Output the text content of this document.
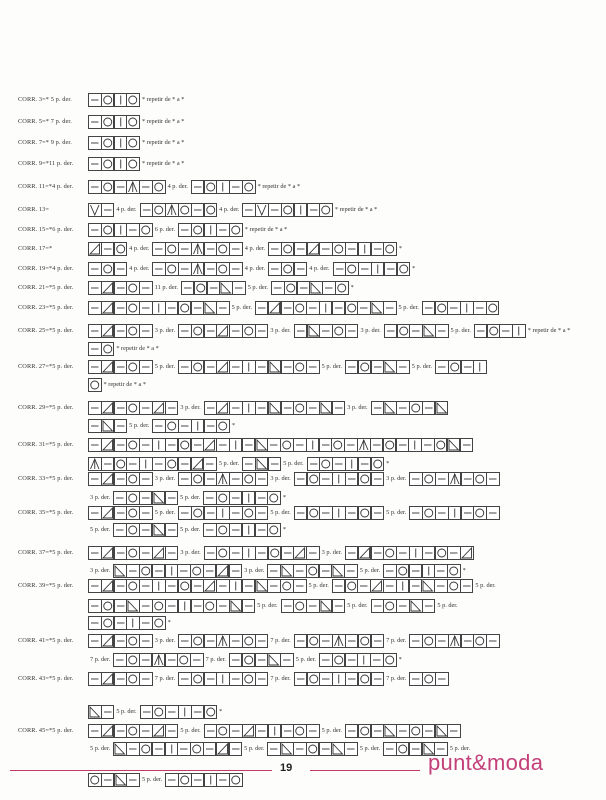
CORR. 3=* 5 p. der.	* repetir de * a *
CORR. 5=* 7 p. der.	* repetir de * a *
CORR. 7=* 9 p. der.	* repetir de * a *
CORR. 9=*11 p. der.	* repetir de * a *
CORR. 11=*4 p. der.	4 p. der.	* repetir de * a *
CORR. 13=	4 p. der.	4 p. der.	* repetir de * a *
CORR. 15=*6 p. der.	6 p. der.	* repetir de * a *
CORR. 17=*	4 p. der.	4 p. der.	*
CORR. 19=*4 p. der.	4 p. der.	4 p. der.	4 p. der.	*
CORR. 21=*5 p. der.	11 p. der.	5 p. der.	*
CORR. 23=*5 p. der.	5 p. der.	5 p. der.
CORR. 25=*5 p. der.	3 p. der.	3 p. der.	3 p. der.	5 p. der.	* repetir de * a *
* repetir de * a *
CORR. 27=*5 p. der.	5 p. der.	5 p. der.	5 p. der.
* repetir de * a *
CORR. 29=*5 p. der.	3 p. der.	3 p. der.
5 p. der.	*
CORR. 31=*5 p. der.
5 p. der.	5 p. der.	*
CORR. 33=*5 p. der.	3 p. der.	3 p. der.	3 p. der.
3 p. der.	5 p. der.	*
CORR. 35=*5 p. der.	5 p. der.	5 p. der.	5 p. der.
5 p. der.	5 p. der.	*
CORR. 37=*5 p. der.	3 p. der.	3 p. der.
3 p. der.	3 p. der.	5 p. der.	*
CORR. 39=*5 p. der.	5 p. der.	5 p. der.
5 p. der.	5 p. der.	5 p. der.
*
CORR. 41=*5 p. der.	3 p. der.	7 p. der.	7 p. der.
7 p. der.	7 p. der.	5 p. der.	*
CORR. 43=*5 p. der.	7 p. der.	7 p. der.	7 p. der.
5 p. der.	*
CORR. 45=*5 p. der.	5 p. der.	5 p. der.
5 p. der.	5 p. der.	5 p. der.	5 p. der.
5 p. der.
19	punt&moda
